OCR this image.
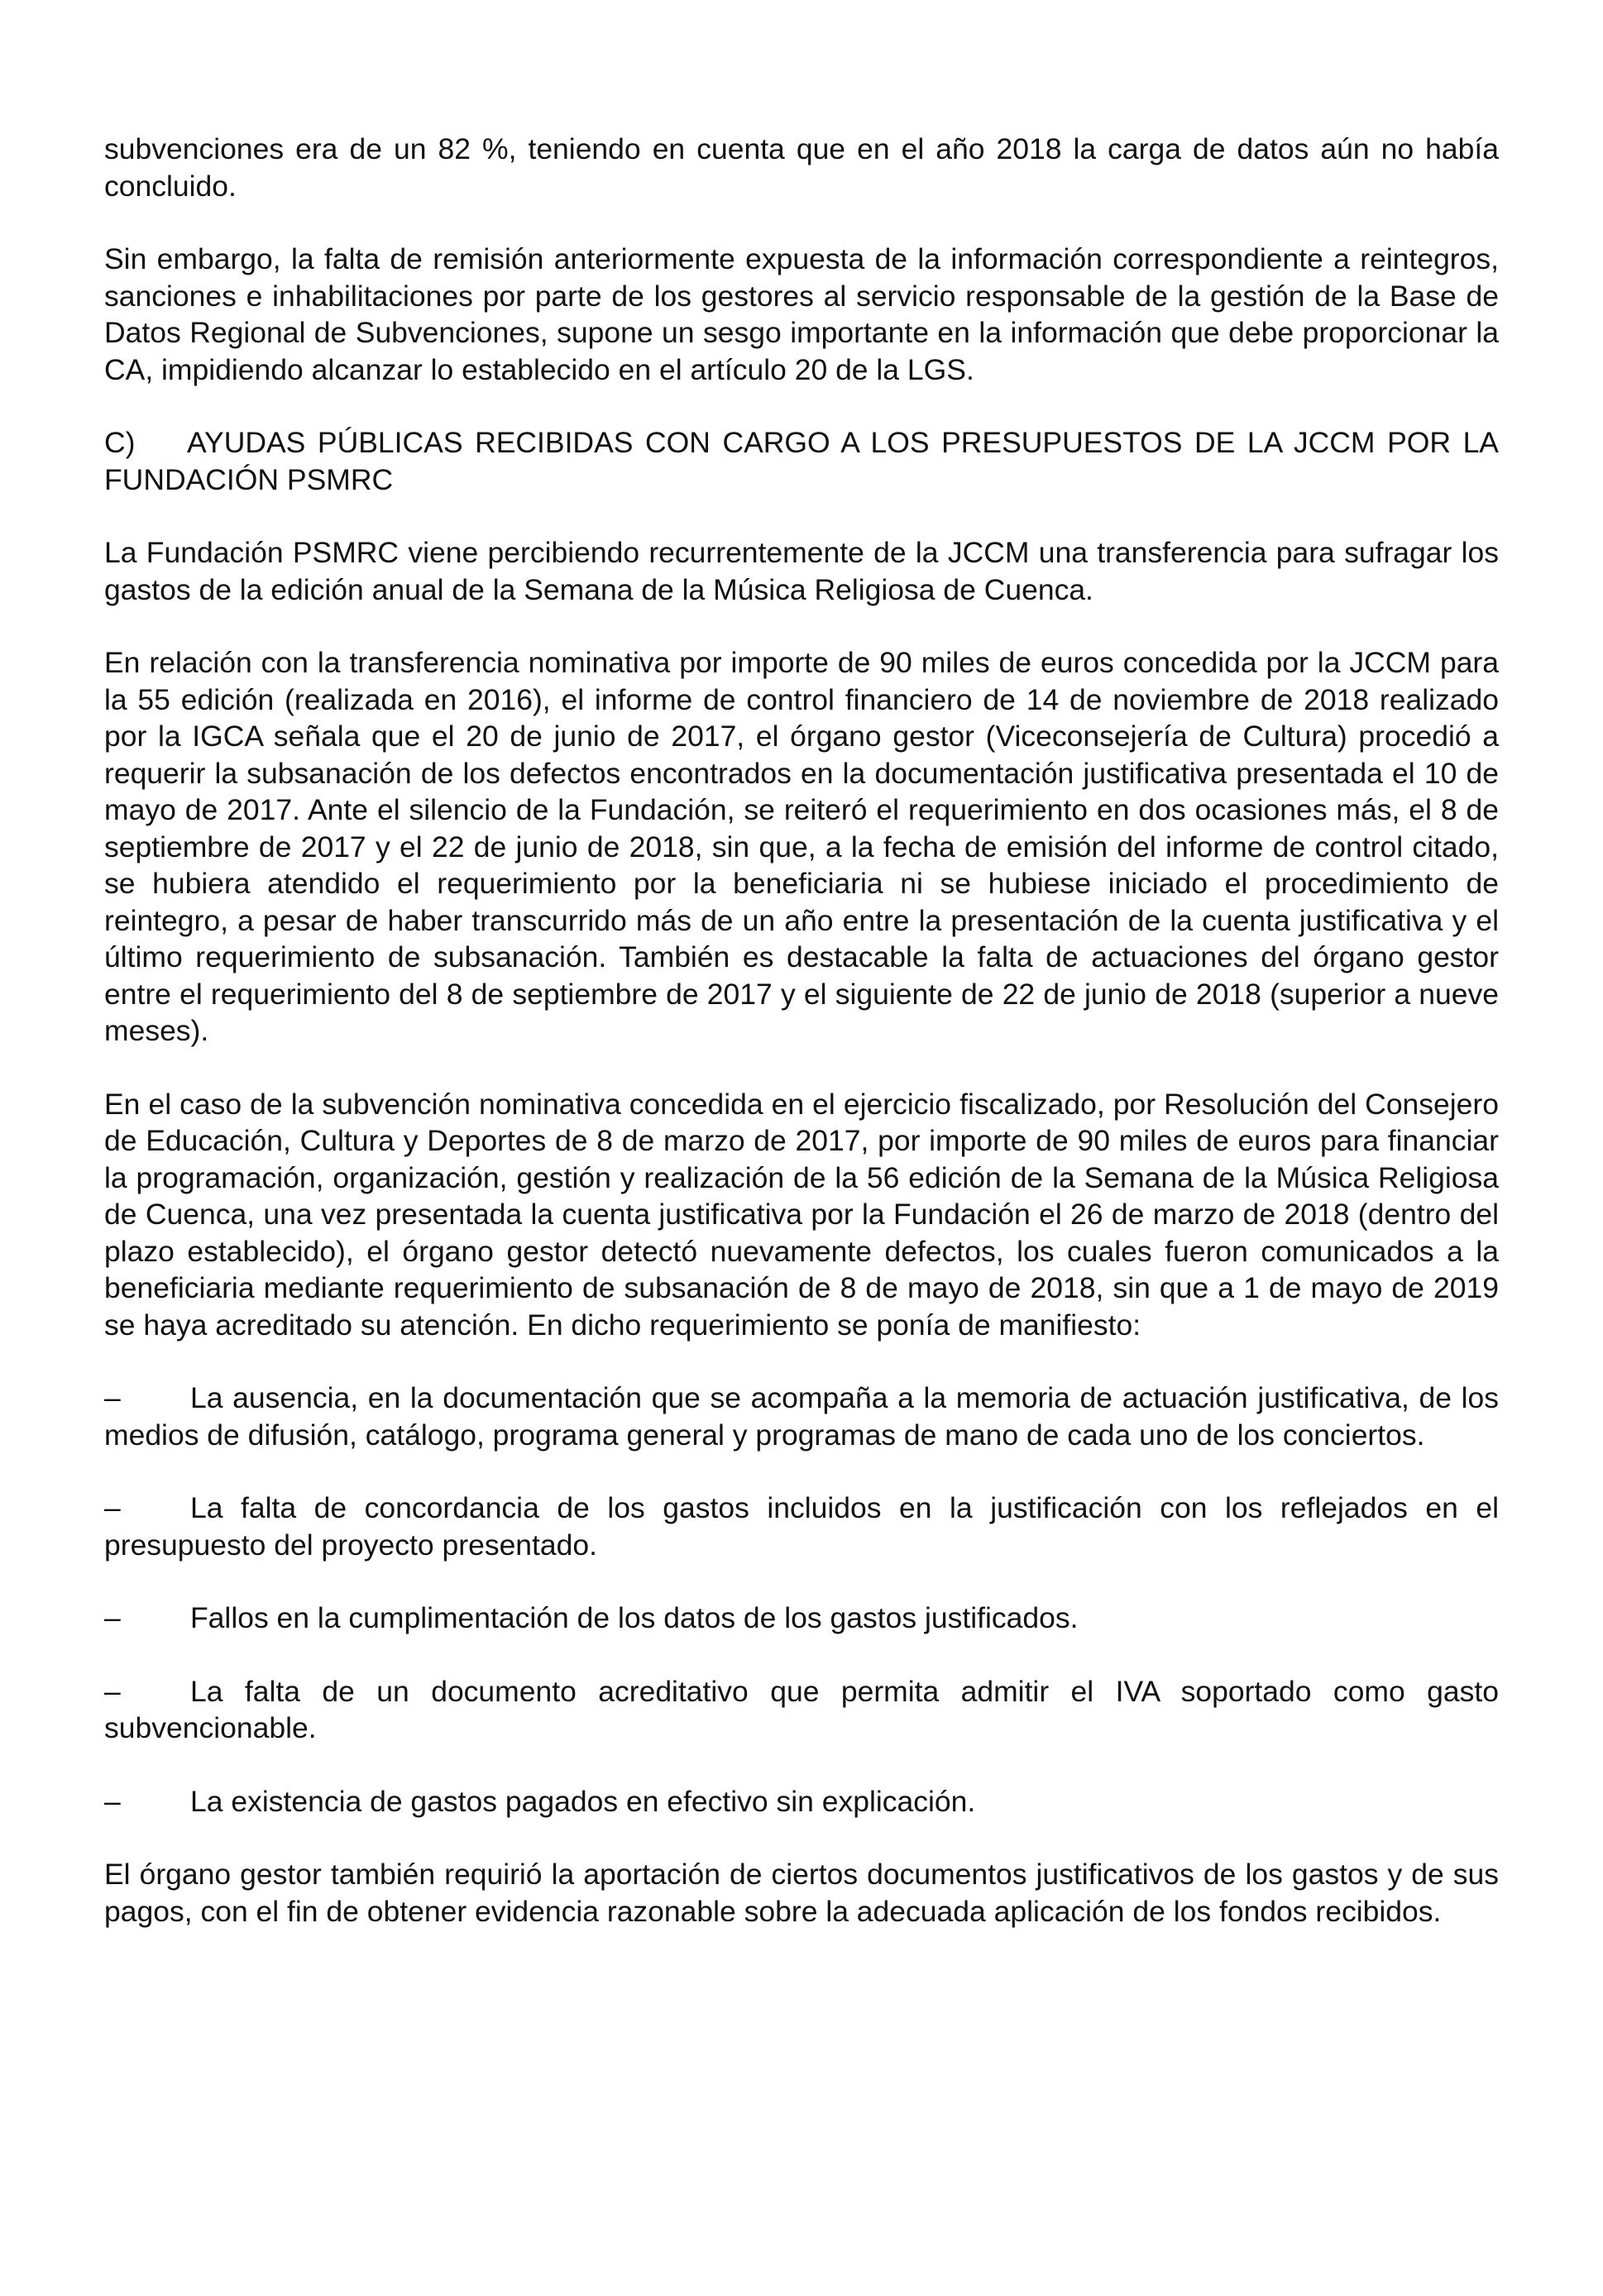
subvenciones era de un 82 %, teniendo en cuenta que en el año 2018 la carga de datos aún no había concluido.

Sin embargo, la falta de remisión anteriormente expuesta de la información correspondiente a reintegros, sanciones e inhabilitaciones por parte de los gestores al servicio responsable de la gestión de la Base de Datos Regional de Subvenciones, supone un sesgo importante en la información que debe proporcionar la CA, impidiendo alcanzar lo establecido en el artículo 20 de la LGS.

C) AYUDAS PÚBLICAS RECIBIDAS CON CARGO A LOS PRESUPUESTOS DE LA JCCM POR LA FUNDACIÓN PSMRC

La Fundación PSMRC viene percibiendo recurrentemente de la JCCM una transferencia para sufragar los gastos de la edición anual de la Semana de la Música Religiosa de Cuenca.

En relación con la transferencia nominativa por importe de 90 miles de euros concedida por la JCCM para la 55 edición (realizada en 2016), el informe de control financiero de 14 de noviembre de 2018 realizado por la IGCA señala que el 20 de junio de 2017, el órgano gestor (Viceconsejería de Cultura) procedió a requerir la subsanación de los defectos encontrados en la documentación justificativa presentada el 10 de mayo de 2017. Ante el silencio de la Fundación, se reiteró el requerimiento en dos ocasiones más, el 8 de septiembre de 2017 y el 22 de junio de 2018, sin que, a la fecha de emisión del informe de control citado, se hubiera atendido el requerimiento por la beneficiaria ni se hubiese iniciado el procedimiento de reintegro, a pesar de haber transcurrido más de un año entre la presentación de la cuenta justificativa y el último requerimiento de subsanación. También es destacable la falta de actuaciones del órgano gestor entre el requerimiento del 8 de septiembre de 2017 y el siguiente de 22 de junio de 2018 (superior a nueve meses).

En el caso de la subvención nominativa concedida en el ejercicio fiscalizado, por Resolución del Consejero de Educación, Cultura y Deportes de 8 de marzo de 2017, por importe de 90 miles de euros para financiar la programación, organización, gestión y realización de la 56 edición de la Semana de la Música Religiosa de Cuenca, una vez presentada la cuenta justificativa por la Fundación el 26 de marzo de 2018 (dentro del plazo establecido), el órgano gestor detectó nuevamente defectos, los cuales fueron comunicados a la beneficiaria mediante requerimiento de subsanación de 8 de mayo de 2018, sin que a 1 de mayo de 2019 se haya acreditado su atención. En dicho requerimiento se ponía de manifiesto:

– La ausencia, en la documentación que se acompaña a la memoria de actuación justificativa, de los medios de difusión, catálogo, programa general y programas de mano de cada uno de los conciertos.
– La falta de concordancia de los gastos incluidos en la justificación con los reflejados en el presupuesto del proyecto presentado.
– Fallos en la cumplimentación de los datos de los gastos justificados.
– La falta de un documento acreditativo que permita admitir el IVA soportado como gasto subvencionable.
– La existencia de gastos pagados en efectivo sin explicación.

El órgano gestor también requirió la aportación de ciertos documentos justificativos de los gastos y de sus pagos, con el fin de obtener evidencia razonable sobre la adecuada aplicación de los fondos recibidos.
